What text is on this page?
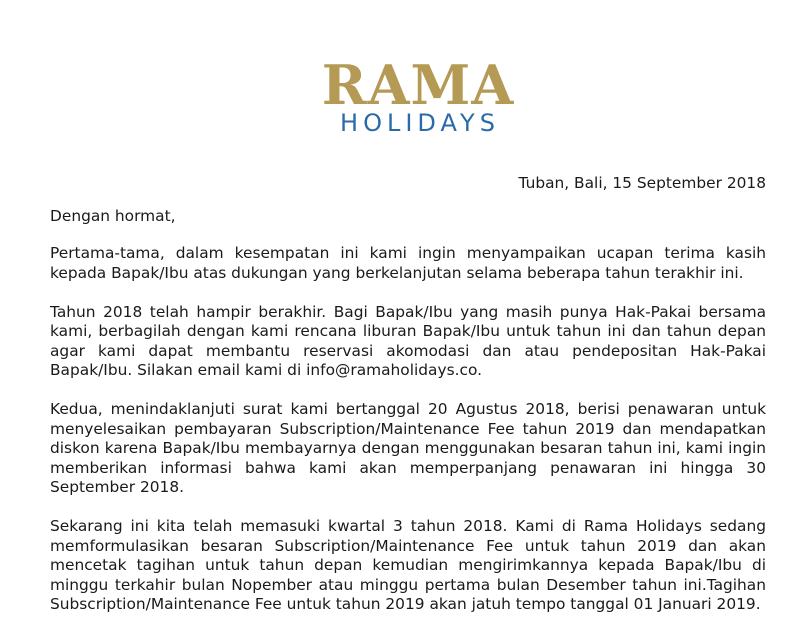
RAMA
HOLIDAYS
Tuban, Bali, 15 September 2018

Dengan hormat,

Pertama-tama, dalam kesempatan ini kami ingin menyampaikan ucapan terima kasih kepada Bapak/Ibu atas dukungan yang berkelanjutan selama beberapa tahun terakhir ini.

Tahun 2018 telah hampir berakhir. Bagi Bapak/Ibu yang masih punya Hak-Pakai bersama kami, berbagilah dengan kami rencana liburan Bapak/Ibu untuk tahun ini dan tahun depan agar kami dapat membantu reservasi akomodasi dan atau pendepositan Hak-Pakai Bapak/Ibu. Silakan email kami di info@ramaholidays.co.

Kedua, menindaklanjuti surat kami bertanggal 20 Agustus 2018, berisi penawaran untuk menyelesaikan pembayaran Subscription/Maintenance Fee tahun 2019 dan mendapatkan diskon karena Bapak/Ibu membayarnya dengan menggunakan besaran tahun ini, kami ingin memberikan informasi bahwa kami akan memperpanjang penawaran ini hingga 30 September 2018.

Sekarang ini kita telah memasuki kwartal 3 tahun 2018. Kami di Rama Holidays sedang memformulasikan besaran Subscription/Maintenance Fee untuk tahun 2019 dan akan mencetak tagihan untuk tahun depan kemudian mengirimkannya kepada Bapak/Ibu di minggu terkahir bulan Nopember atau minggu pertama bulan Desember tahun ini.Tagihan Subscription/Maintenance Fee untuk tahun 2019 akan jatuh tempo tanggal 01 Januari 2019.
